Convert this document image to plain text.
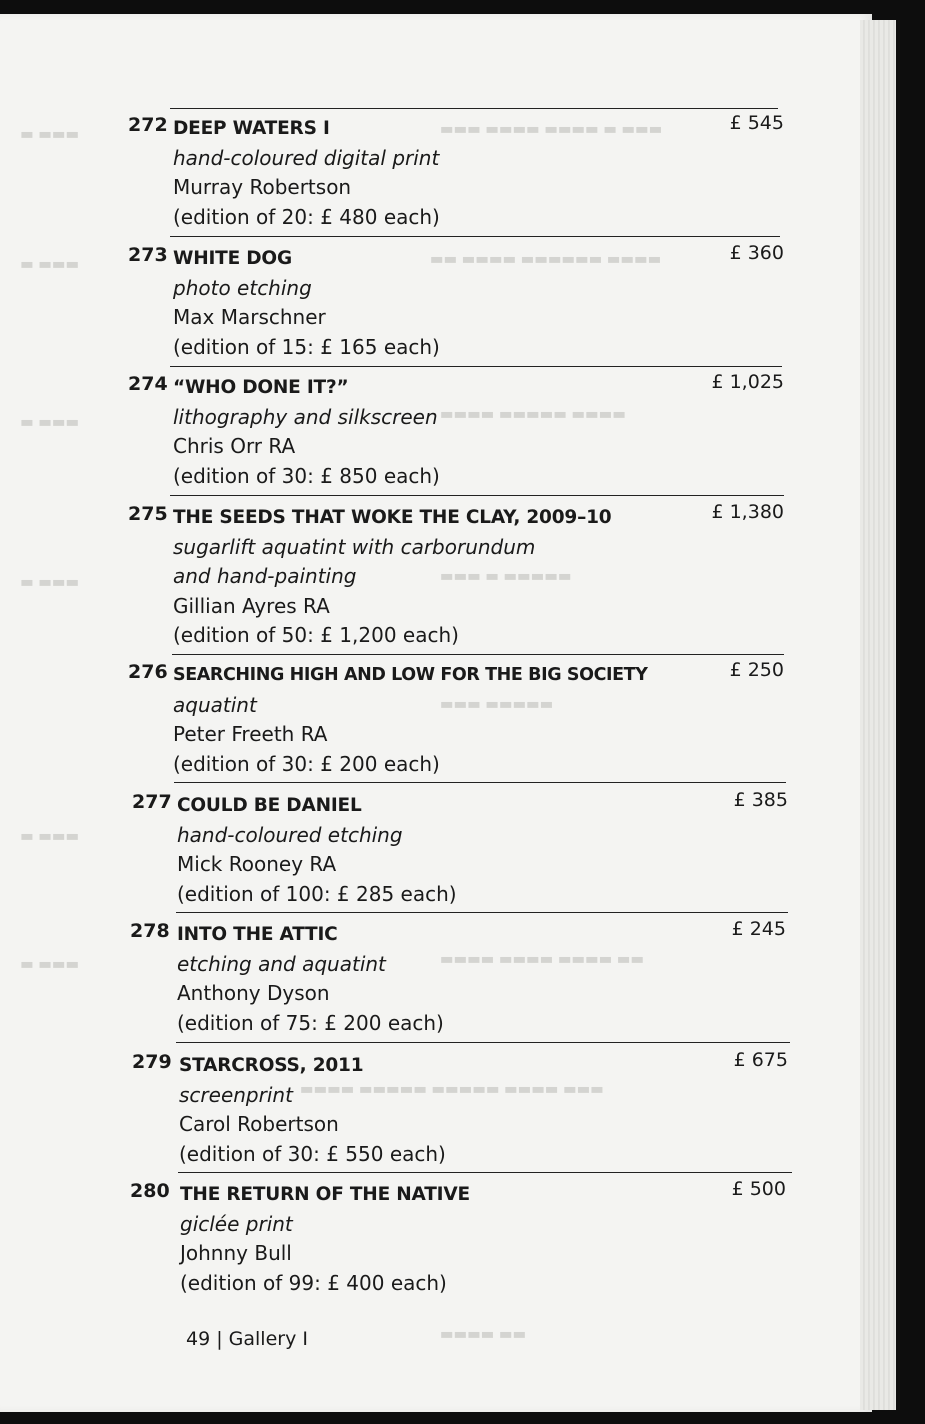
▬▬▬ ▬ ▬▬▬▬ ▬▬▬▬ ▬▬▬
▬ ▬▬▬
▬▬▬▬ ▬▬▬▬▬▬ ▬▬▬▬ ▬▬
▬ ▬▬▬
▬▬▬▬ ▬▬▬▬▬ ▬▬▬▬
▬ ▬▬▬
▬▬▬▬▬ ▬ ▬▬▬
▬ ▬▬▬
▬▬▬▬▬ ▬▬▬
▬ ▬▬▬
▬▬ ▬▬▬▬ ▬▬▬▬ ▬▬▬▬
▬ ▬▬▬
▬▬▬ ▬▬▬▬ ▬▬▬▬▬ ▬▬▬▬▬ ▬▬▬▬
▬▬ ▬▬▬▬
272 DEEP WATERS I
hand-coloured digital print
Murray Robertson
(edition of 20: £ 480 each)
£ 545
273 WHITE DOG
photo etching
Max Marschner
(edition of 15: £ 165 each)
£ 360
274 “WHO DONE IT?”
lithography and silkscreen
Chris Orr RA
(edition of 30: £ 850 each)
£ 1,025
275 THE SEEDS THAT WOKE THE CLAY, 2009–10
sugarlift aquatint with carborundum
and hand-painting
Gillian Ayres RA
(edition of 50: £ 1,200 each)
£ 1,380
276 SEARCHING HIGH AND LOW FOR THE BIG SOCIETY
aquatint
Peter Freeth RA
(edition of 30: £ 200 each)
£ 250
277 COULD BE DANIEL
hand-coloured etching
Mick Rooney RA
(edition of 100: £ 285 each)
£ 385
278 INTO THE ATTIC
etching and aquatint
Anthony Dyson
(edition of 75: £ 200 each)
£ 245
279 STARCROSS, 2011
screenprint
Carol Robertson
(edition of 30: £ 550 each)
£ 675
280 THE RETURN OF THE NATIVE
giclée print
Johnny Bull
(edition of 99: £ 400 each)
£ 500
49 | Gallery I
